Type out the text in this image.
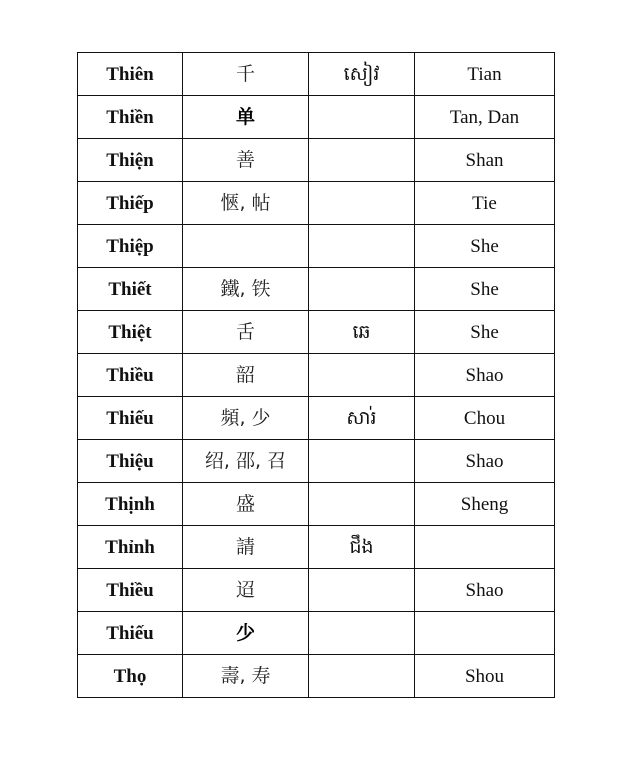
Thiên	千	សៀវ	Tian
Thiền	单		Tan, Dan
Thiện	善		Shan
Thiếp	愜, 帖		Tie
Thiệp			She
Thiết	鐵, 铁		She
Thiệt	舌	ឆេ	She
Thiều	韶		Shao
Thiếu	頻, 少	សារ់	Chou
Thiệu	绍, 邵, 召		Shao
Thịnh	盛		Sheng
Thỉnh	請	ជឹង	
Thiều	迢		Shao
Thiếu	少		
Thọ	壽, 寿		Shou
